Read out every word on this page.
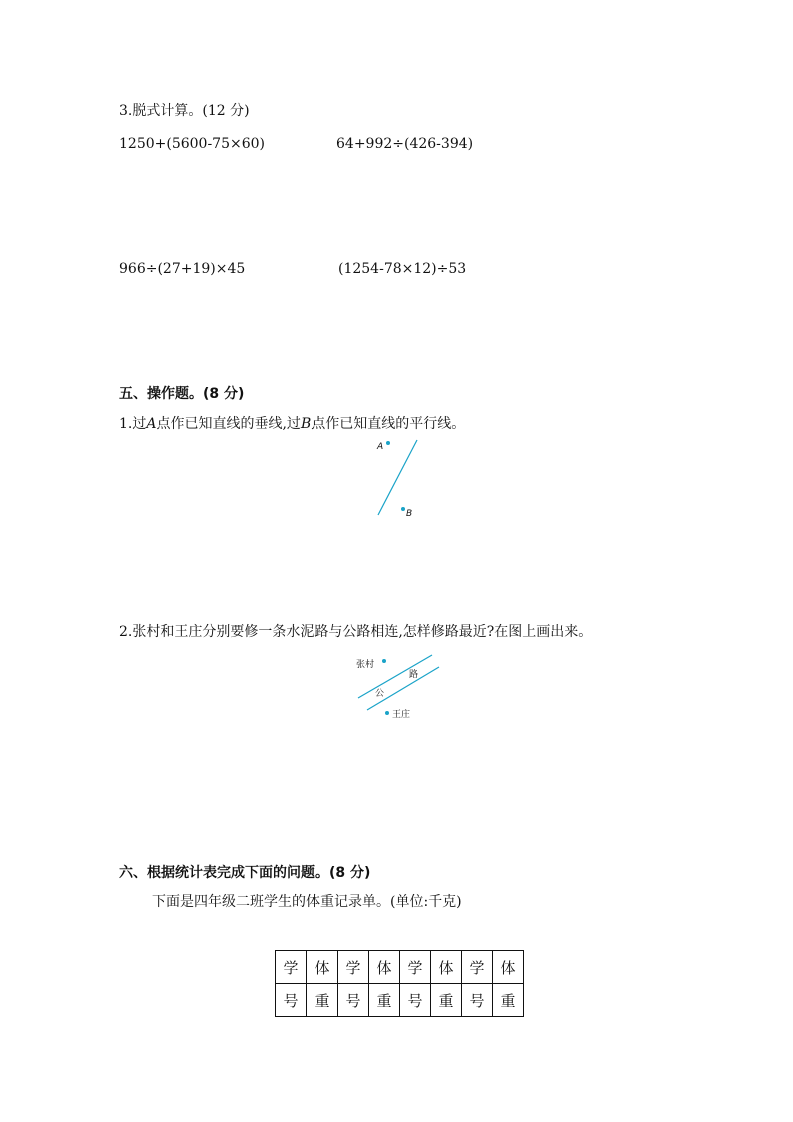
3.脱式计算。(12 分)
1250+(5600-75×60)	64+992÷(426-394)
966÷(27+19)×45	(1254-78×12)÷53
五、操作题。(8 分)
1.过A点作已知直线的垂线,过B点作已知直线的平行线。
A
B
2.张村和王庄分别要修一条水泥路与公路相连,怎样修路最近?在图上画出来。
张村
路
公
王庄
六、根据统计表完成下面的问题。(8 分)
下面是四年级二班学生的体重记录单。(单位:千克)
学	体	学	体	学	体	学	体
号	重	号	重	号	重	号	重
